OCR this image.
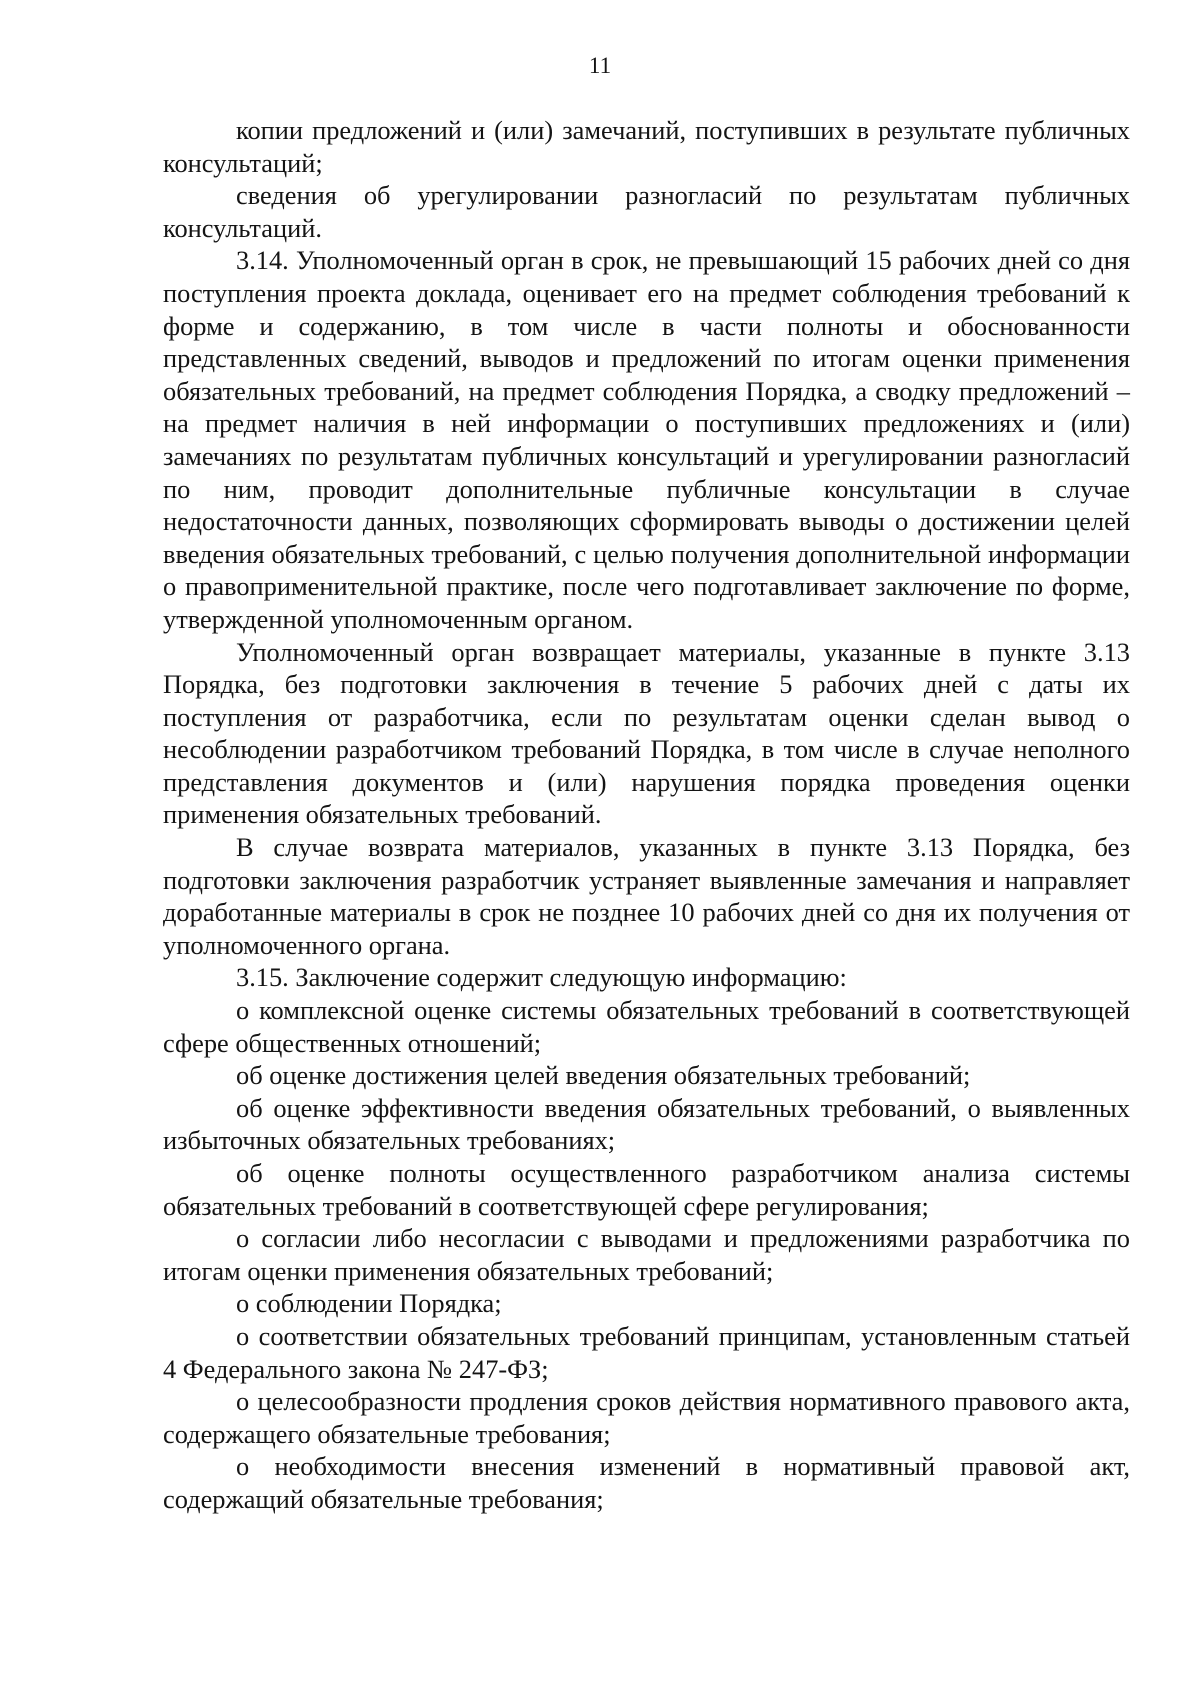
11

копии предложений и (или) замечаний, поступивших в результате публичных консультаций;

сведения об урегулировании разногласий по результатам публичных консультаций.

3.14. Уполномоченный орган в срок, не превышающий 15 рабочих дней со дня поступления проекта доклада, оценивает его на предмет соблюдения требований к форме и содержанию, в том числе в части полноты и обоснованности представленных сведений, выводов и предложений по итогам оценки применения обязательных требований, на предмет соблюдения Порядка, а сводку предложений – на предмет наличия в ней информации о поступивших предложениях и (или) замечаниях по результатам публичных консультаций и урегулировании разногласий по ним, проводит дополнительные публичные консультации в случае недостаточности данных, позволяющих сформировать выводы о достижении целей введения обязательных требований, с целью получения дополнительной информации о правоприменительной практике, после чего подготавливает заключение по форме, утвержденной уполномоченным органом.

Уполномоченный орган возвращает материалы, указанные в пункте 3.13 Порядка, без подготовки заключения в течение 5 рабочих дней с даты их поступления от разработчика, если по результатам оценки сделан вывод о несоблюдении разработчиком требований Порядка, в том числе в случае неполного представления документов и (или) нарушения порядка проведения оценки применения обязательных требований.

В случае возврата материалов, указанных в пункте 3.13 Порядка, без подготовки заключения разработчик устраняет выявленные замечания и направляет доработанные материалы в срок не позднее 10 рабочих дней со дня их получения от уполномоченного органа.

3.15. Заключение содержит следующую информацию:

о комплексной оценке системы обязательных требований в соответствующей сфере общественных отношений;

об оценке достижения целей введения обязательных требований;

об оценке эффективности введения обязательных требований, о выявленных избыточных обязательных требованиях;

об оценке полноты осуществленного разработчиком анализа системы обязательных требований в соответствующей сфере регулирования;

о согласии либо несогласии с выводами и предложениями разработчика по итогам оценки применения обязательных требований;

о соблюдении Порядка;

о соответствии обязательных требований принципам, установленным статьей 4 Федерального закона № 247-ФЗ;

о целесообразности продления сроков действия нормативного правового акта, содержащего обязательные требования;

о необходимости внесения изменений в нормативный правовой акт, содержащий обязательные требования;
